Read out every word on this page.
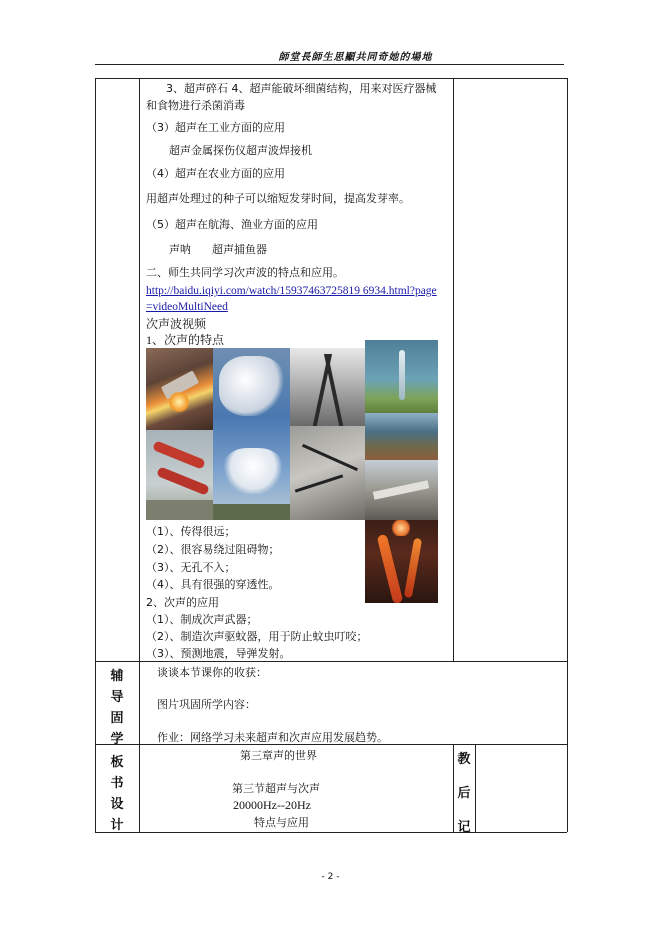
師堂長師生思顯共同奇她的場地
3、超声碎石 4、超声能破坏细菌结构，用来对医疗器械
和食物进行杀菌消毒
（3）超声在工业方面的应用
超声金属探伤仪超声波焊接机
（4）超声在农业方面的应用
用超声处理过的种子可以缩短发芽时间，提高发芽率。
（5）超声在航海、渔业方面的应用
声呐      超声捕鱼器
二、师生共同学习次声波的特点和应用。
http://baidu.iqiyi.com/watch/15937463725819 6934.html?page
=videoMultiNeed
次声波视频
1、次声的特点
（1）、传得很远；
（2）、很容易绕过阻碍物；
（3）、无孔不入；
（4）、具有很强的穿透性。
2、次声的应用
（1）、制成次声武器；
（2）、制造次声驱蚊器，用于防止蚊虫叮咬；
（3）、预测地震，导弹发射。
辅
导
固
学
谈谈本节课你的收获：
图片巩固所学内容：
作业：网络学习未来超声和次声应用发展趋势。
板
书
设
计
第三章声的世界
第三节超声与次声
20000Hz--20Hz
特点与应用
教
后
记
- 2 -
